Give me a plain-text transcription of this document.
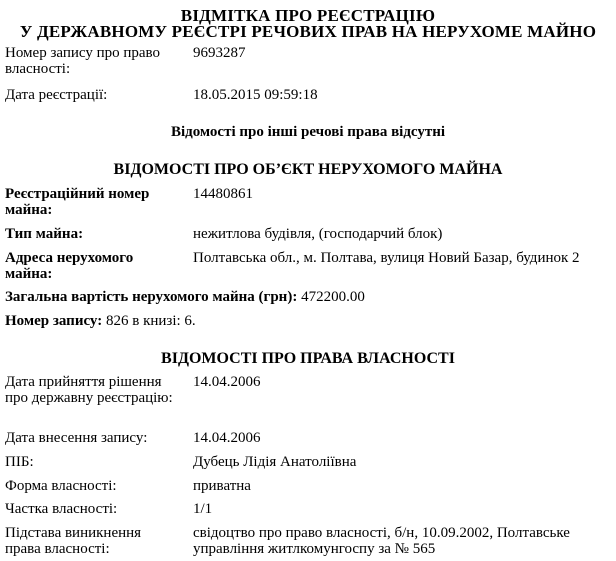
ВІДМІТКА ПРО РЕЄСТРАЦІЮ
У ДЕРЖАВНОМУ РЕЄСТРІ РЕЧОВИХ ПРАВ НА НЕРУХОМЕ МАЙНО
Номер запису про право власності:
9693287
Дата реєстрації:	18.05.2015 09:59:18
Відомості про інші речові права відсутні
ВІДОМОСТІ ПРО ОБ’ЄКТ НЕРУХОМОГО МАЙНА
Реєстраційний номер майна:
14480861
Тип майна:	нежитлова будівля, (господарчий блок)
Адреса нерухомого майна:
Полтавська обл., м. Полтава, вулиця Новий Базар, будинок 2
Загальна вартість нерухомого майна (грн): 472200.00
Номер запису: 826 в книзі: 6.
ВІДОМОСТІ ПРО ПРАВА ВЛАСНОСТІ
Дата прийняття рішення про державну реєстрацію:
14.04.2006
Дата внесення запису:	14.04.2006
ПІБ:	Дубець Лідія Анатоліївна
Форма власності:	приватна
Частка власності:	1/1
Підстава виникнення права власності:
свідоцтво про право власності, б/н, 10.09.2002, Полтавське управління житлкомунгоспу за № 565
